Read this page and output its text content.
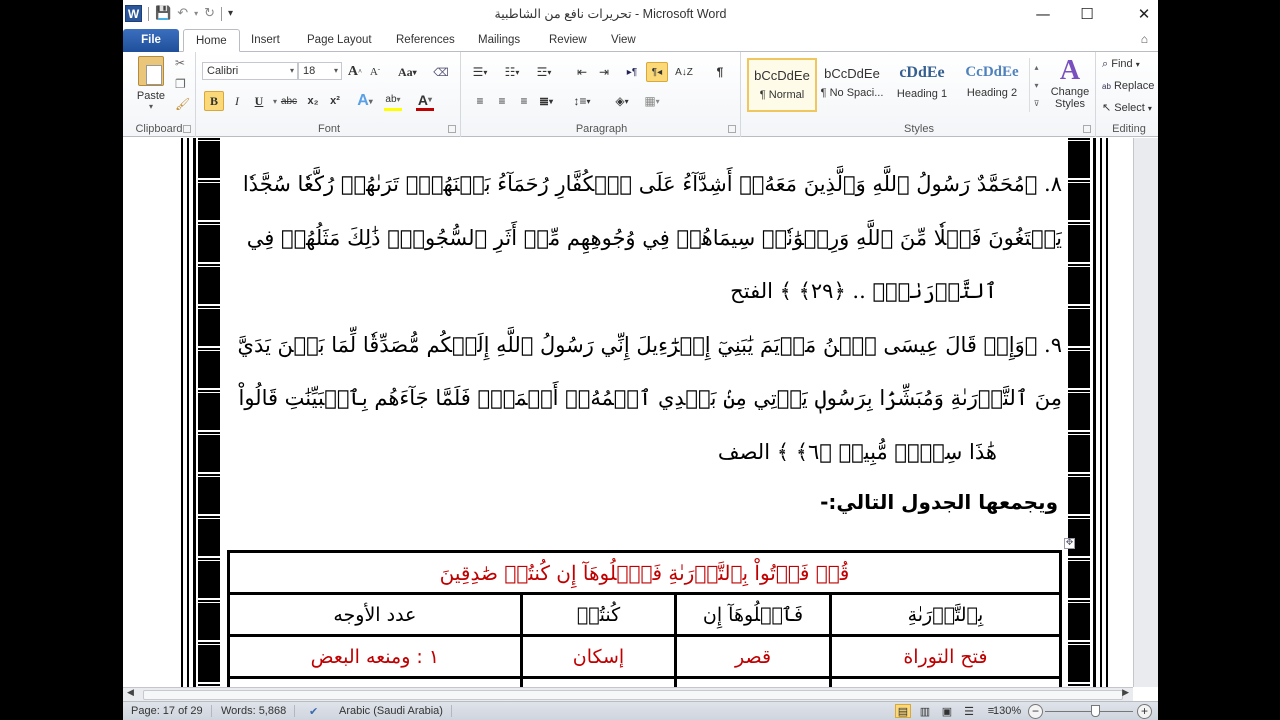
W 💾 ↶ ▾ ↻ ▾	تحريرات نافع من الشاطبية - Microsoft Word	—	☐	✕
File	Home	Insert	Page Layout	References	Mailings	Review	View	⌂
Paste
▾
✂
❐
🖌
Clipboard
Calibri	▾ 18 ▾ A ^ A ˇ Aa ▾ ⌫
B	I	U	▾ abc x₂	x² A ▾ ab ▾ A ▾
Font
☰ ▾ ☷ ▾ ☲ ▾	⇤ ⇥	▸¶	¶◂	A↓Z	¶
≡	≡	≡ ≣ ▾ ↕≡ ▾ ◈ ▾ ▦ ▾
Paragraph
bCcDdEe
¶ Normal
bCcDdEe
¶ No Spaci...
cDdEe
Heading 1
CcDdEe
Heading 2
▴
▾
⊽
A
Change Styles
Styles
⌕ Find ▾
ab Replace
↖ Select ▾
Editing
٨. ﴿مُحَمَّدٌ رَسُولُ ٱللَّهِ وَٱلَّذِينَ مَعَهُۥٓ أَشِدَّآءُ عَلَى ٱلۡكُفَّارِ رُحَمَآءُ بَيۡنَهُمۡۖ تَرَىٰهُمۡ رُكَّعٗا سُجَّدٗا
يَبۡتَغُونَ فَضۡلٗا مِّنَ ٱللَّهِ وَرِضۡوَٰنٗاۖ سِيمَاهُمۡ فِي وُجُوهِهِم مِّنۡ أَثَرِ ٱلسُّجُودِۚ ذَٰلِكَ مَثَلُهُمۡ فِي
ٱلتَّوۡرَىٰةِۚ .. ﴿٢٩﴾ ﴾ الفتح
٩. ﴿وَإِذۡ قَالَ عِيسَى ٱبۡنُ مَرۡيَمَ يَٰبَنِيٓ إِسۡرَٰٓءِيلَ إِنِّي رَسُولُ ٱللَّهِ إِلَيۡكُم مُّصَدِّقٗا لِّمَا بَيۡنَ يَدَيَّ
مِنَ ٱلتَّوۡرَىٰةِ وَمُبَشِّرَۢا بِرَسُولٖ يَأۡتِي مِنۢ بَعۡدِي ٱسۡمُهُۥٓ أَحۡمَدُۖ فَلَمَّا جَآءَهُم بِٱلۡبَيِّنَٰتِ قَالُواْ
هَٰذَا سِحۡرٞ مُّبِينٞ ﴿٦﴾ ﴾ الصف
ويجمعها الجدول التالي:-
✥
قُلۡ فَأۡتُواْ بِٱلتَّوۡرَىٰةِ فَٱتۡلُوهَآ إِن كُنتُمۡ صَٰدِقِينَ			
بِٱلتَّوۡرَىٰةِ	فَٱتۡلُوهَآ إِن	كُنتُمۡ	عدد الأوجه
فتح التوراة	قصر	إسكان	١ : ومنعه البعض

◀	▶
Page: 17 of 29	Words: 5,868	✔	Arabic (Saudi Arabia)	▤ ▥ ▣ ☰	≡
130% −	+
